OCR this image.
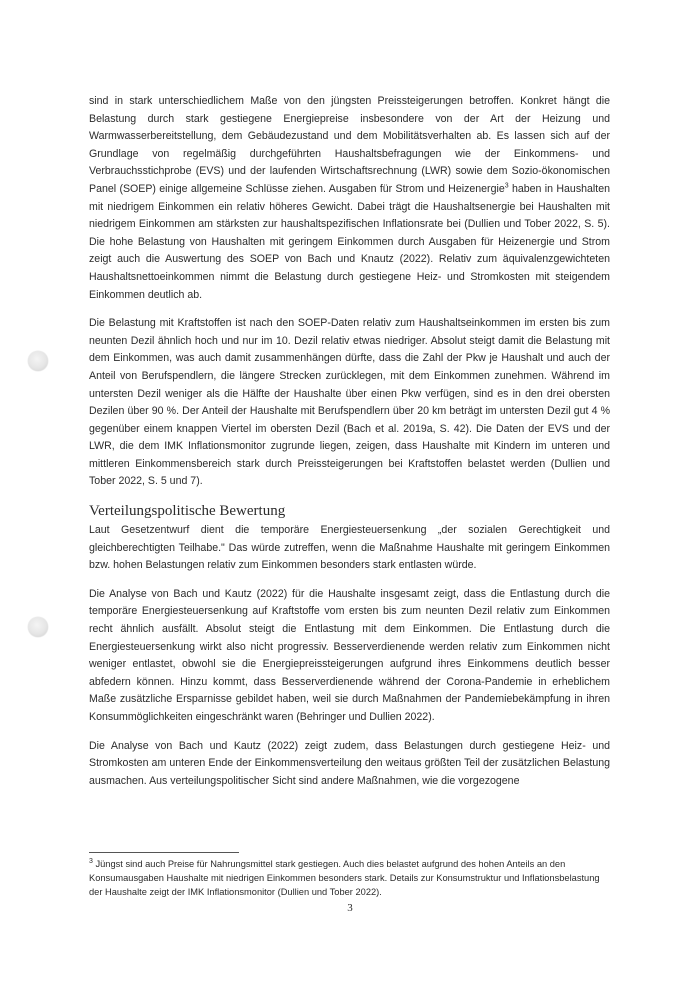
sind in stark unterschiedlichem Maße von den jüngsten Preissteigerungen betroffen. Konkret hängt die Belastung durch stark gestiegene Energiepreise insbesondere von der Art der Heizung und Warmwasserbereitstellung, dem Gebäudezustand und dem Mobilitätsverhalten ab. Es lassen sich auf der Grundlage von regelmäßig durchgeführten Haushaltsbefragungen wie der Einkommens- und Verbrauchsstichprobe (EVS) und der laufenden Wirtschaftsrechnung (LWR) sowie dem Sozio-ökonomischen Panel (SOEP) einige allgemeine Schlüsse ziehen. Ausgaben für Strom und Heizenergie$^3$ haben in Haushalten mit niedrigem Einkommen ein relativ höheres Gewicht. Dabei trägt die Haushaltsenergie bei Haushalten mit niedrigem Einkommen am stärksten zur haushaltspezifischen Inflationsrate bei (Dullien und Tober 2022, S. 5). Die hohe Belastung von Haushalten mit geringem Einkommen durch Ausgaben für Heizenergie und Strom zeigt auch die Auswertung des SOEP von Bach und Knautz (2022). Relativ zum äquivalenzgewichteten Haushaltsnettoeinkommen nimmt die Belastung durch gestiegene Heiz- und Stromkosten mit steigendem Einkommen deutlich ab.

Die Belastung mit Kraftstoffen ist nach den SOEP-Daten relativ zum Haushaltseinkommen im ersten bis zum neunten Dezil ähnlich hoch und nur im 10. Dezil relativ etwas niedriger. Absolut steigt damit die Belastung mit dem Einkommen, was auch damit zusammenhängen dürfte, dass die Zahl der Pkw je Haushalt und auch der Anteil von Berufspendlern, die längere Strecken zurücklegen, mit dem Einkommen zunehmen. Während im untersten Dezil weniger als die Hälfte der Haushalte über einen Pkw verfügen, sind es in den drei obersten Dezilen über 90 %. Der Anteil der Haushalte mit Berufspendlern über 20 km beträgt im untersten Dezil gut 4 % gegenüber einem knappen Viertel im obersten Dezil (Bach et al. 2019a, S. 42). Die Daten der EVS und der LWR, die dem IMK Inflationsmonitor zugrunde liegen, zeigen, dass Haushalte mit Kindern im unteren und mittleren Einkommensbereich stark durch Preissteigerungen bei Kraftstoffen belastet werden (Dullien und Tober 2022, S. 5 und 7).

Verteilungspolitische Bewertung

Laut Gesetzentwurf dient die temporäre Energiesteuersenkung „der sozialen Gerechtigkeit und gleichberechtigten Teilhabe." Das würde zutreffen, wenn die Maßnahme Haushalte mit geringem Einkommen bzw. hohen Belastungen relativ zum Einkommen besonders stark entlasten würde.

Die Analyse von Bach und Kautz (2022) für die Haushalte insgesamt zeigt, dass die Entlastung durch die temporäre Energiesteuersenkung auf Kraftstoffe vom ersten bis zum neunten Dezil relativ zum Einkommen recht ähnlich ausfällt. Absolut steigt die Entlastung mit dem Einkommen. Die Entlastung durch die Energiesteuersenkung wirkt also nicht progressiv. Besserverdienende werden relativ zum Einkommen nicht weniger entlastet, obwohl sie die Energiepreissteigerungen aufgrund ihres Einkommens deutlich besser abfedern können. Hinzu kommt, dass Besserverdienende während der Corona-Pandemie in erheblichem Maße zusätzliche Ersparnisse gebildet haben, weil sie durch Maßnahmen der Pandemiebekämpfung in ihren Konsummöglichkeiten eingeschränkt waren (Behringer und Dullien 2022).

Die Analyse von Bach und Kautz (2022) zeigt zudem, dass Belastungen durch gestiegene Heiz- und Stromkosten am unteren Ende der Einkommensverteilung den weitaus größten Teil der zusätzlichen Belastung ausmachen. Aus verteilungspolitischer Sicht sind andere Maßnahmen, wie die vorgezogene

$^3$ Jüngst sind auch Preise für Nahrungsmittel stark gestiegen. Auch dies belastet aufgrund des hohen Anteils an den Konsumausgaben Haushalte mit niedrigen Einkommen besonders stark. Details zur Konsumstruktur und Inflationsbelastung der Haushalte zeigt der IMK Inflationsmonitor (Dullien und Tober 2022).

3
